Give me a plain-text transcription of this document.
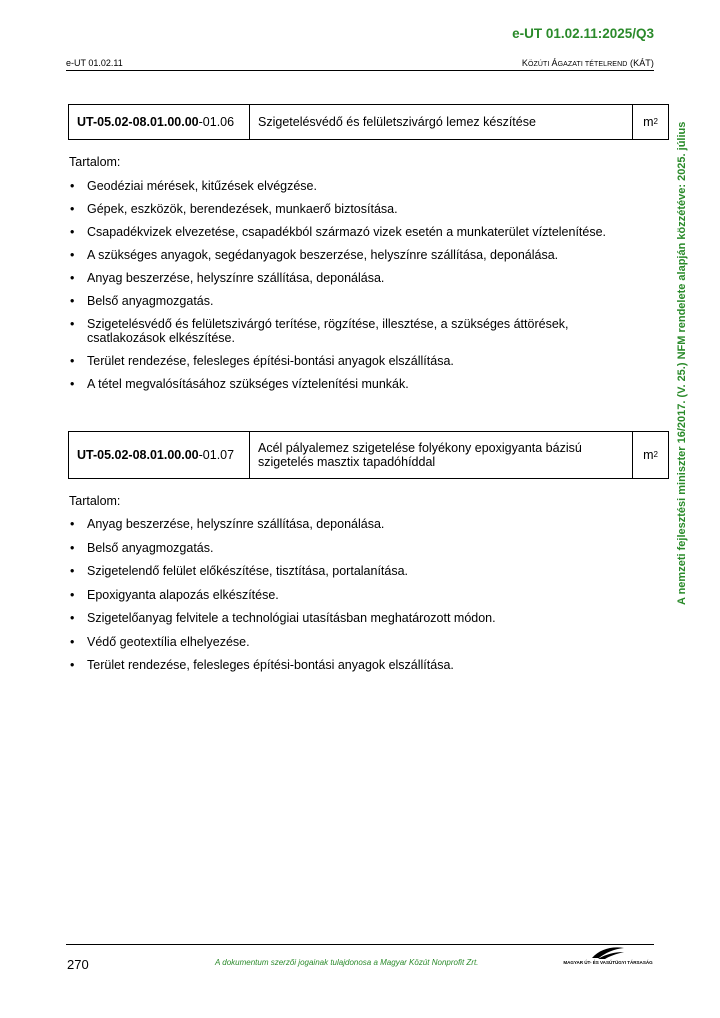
e-UT 01.02.11:2025/Q3
e-UT 01.02.11	KÖZÚTI ÁGAZATI TÉTELREND (KÁT)
UT-05.02-08.01.00.00 -01.06	Szigetelésvédő és felületszivárgó lemez készítése	m 2
Tartalom:
• Geodéziai mérések, kitűzések elvégzése.
• Gépek, eszközök, berendezések, munkaerő biztosítása.
• Csapadékvizek elvezetése, csapadékból származó vizek esetén a munkaterület víztelenítése.
• A szükséges anyagok, segédanyagok beszerzése, helyszínre szállítása, deponálása.
• Anyag beszerzése, helyszínre szállítása, deponálása.
• Belső anyagmozgatás.
• Szigetelésvédő és felületszivárgó terítése, rögzítése, illesztése, a szükséges áttörések, csatlakozások elkészítése.
• Terület rendezése, felesleges építési-bontási anyagok elszállítása.
• A tétel megvalósításához szükséges víztelenítési munkák.
UT-05.02-08.01.00.00 -01.07	Acél pályalemez szigetelése folyékony epoxigyanta bázisú szigetelés masztix tapadóhíddal	m 2
Tartalom:
• Anyag beszerzése, helyszínre szállítása, deponálása.
• Belső anyagmozgatás.
• Szigetelendő felület előkészítése, tisztítása, portalanítása.
• Epoxigyanta alapozás elkészítése.
• Szigetelőanyag felvitele a technológiai utasításban meghatározott módon.
• Védő geotextília elhelyezése.
• Terület rendezése, felesleges építési-bontási anyagok elszállítása.
A nemzeti fejlesztési miniszter 16/2017. (V. 25.) NFM rendelete alapján közzétéve: 2025. július
270	A dokumentum szerzői jogainak tulajdonosa a Magyar Közút Nonprofit Zrt.	MAGYAR ÚT- ÉS VASÚTÜGYI TÁRSASÁG
